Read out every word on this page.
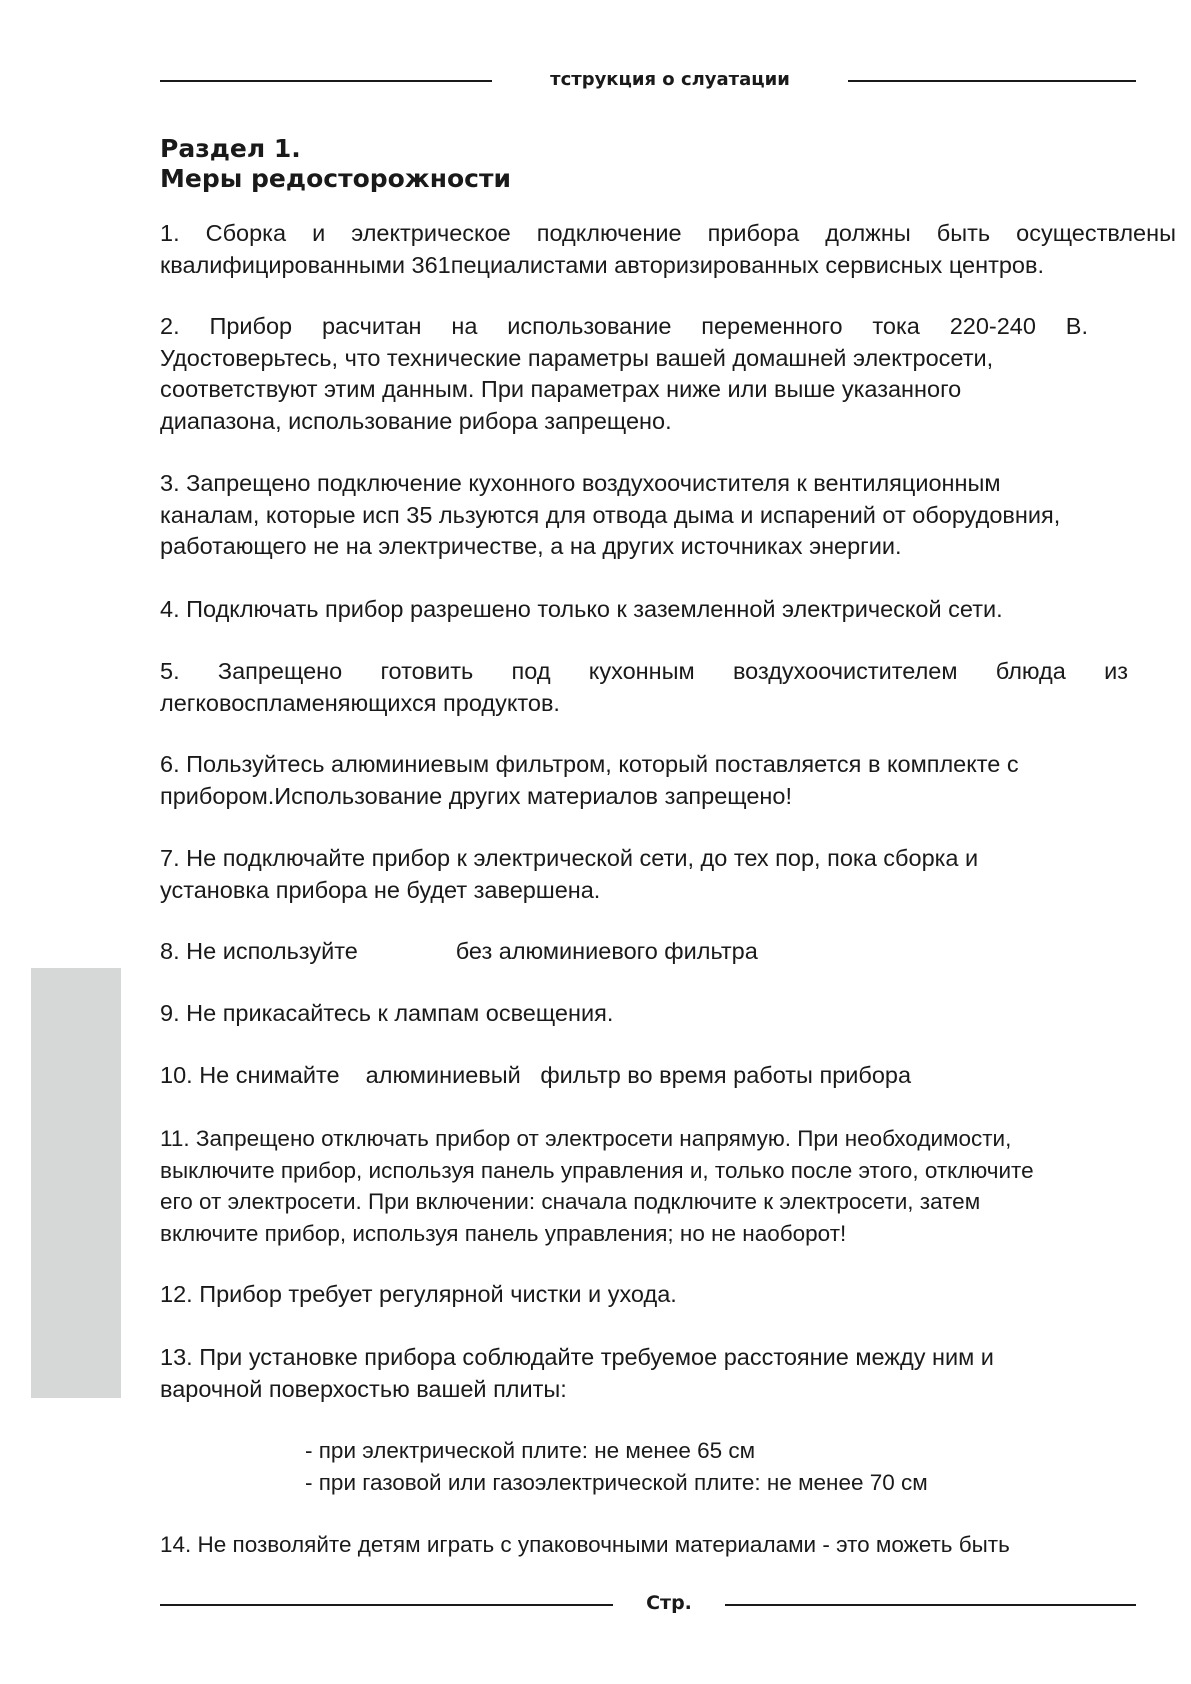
тструкция о слуатации
Раздел 1.
Меры редосторожности
1. Сборка и электрическое подключение прибора должны быть осуществлены
квалифицированными 361пециалистами авторизированных сервисных центров.
2. Прибор расчитан на использование переменного тока 220-240 В.
Удостоверьтесь, что технические параметры вашей домашней электросети,
соответствуют этим данным. При параметрах ниже или выше указанного
диапазона, использование рибора запрещено.
3. Запрещено подключение кухонного воздухоочистителя к вентиляционным
каналам, которые исп 35 льзуются для отвода дыма и испарений от оборудовния,
работающего не на электричестве, а на других источниках энергии.
4. Подключать прибор разрешено только к заземленной электрической сети.
5. Запрещено готовить под кухонным воздухоочистителем блюда из
легковоспламеняющихся продуктов.
6. Пользуйтесь алюминиевым фильтром, который поставляется в комплекте с
прибором.Использование других материалов запрещено!
7. Не подключайте прибор к электрической сети, до тех пор, пока сборка и
установка прибора не будет завершена.
8. Не используйте               без алюминиевого фильтра
9. Не прикасайтесь к лампам освещения.
10. Не снимайте    алюминиевый   фильтр во время работы прибора
11. Запрещено отключать прибор от электросети напрямую. При необходимости,
выключите прибор, используя панель управления и, только после этого, отключите
его от электросети. При включении: сначала подключите к электросети, затем
включите прибор, используя панель управления; но не наоборот!
12. Прибор требует регулярной чистки и ухода.
13. При установке прибора соблюдайте требуемое расстояние между ним и
варочной поверхостью вашей плиты:
- при электрической плите: не менее 65 см
- при газовой или газоэлектрической плите: не менее 70 см
14. Не позволяйте детям играть с упаковочными материалами - это можеть быть
Стр.
